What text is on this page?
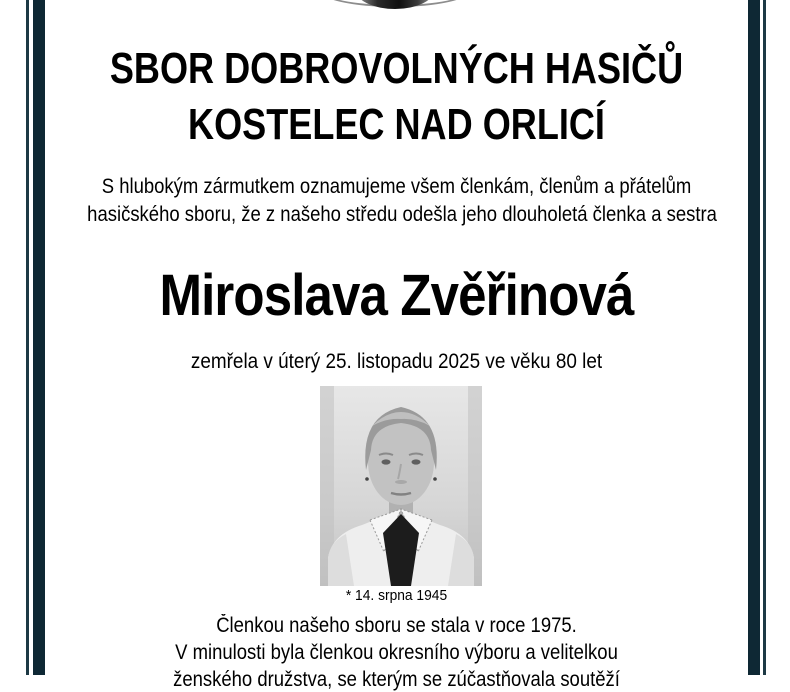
SBOR DOBROVOLNÝCH HASIČŮ
KOSTELEC NAD ORLICÍ
S hlubokým zármutkem oznamujeme všem členkám, členům a přátelům
hasičského sboru, že z našeho středu odešla jeho dlouholetá členka a sestra
Miroslava Zvěřinová
zemřela v úterý 25. listopadu 2025 ve věku 80 let
* 14. srpna 1945
Členkou našeho sboru se stala v roce 1975.
V minulosti byla členkou okresního výboru a velitelkou
ženského družstva, se kterým se zúčastňovala soutěží
